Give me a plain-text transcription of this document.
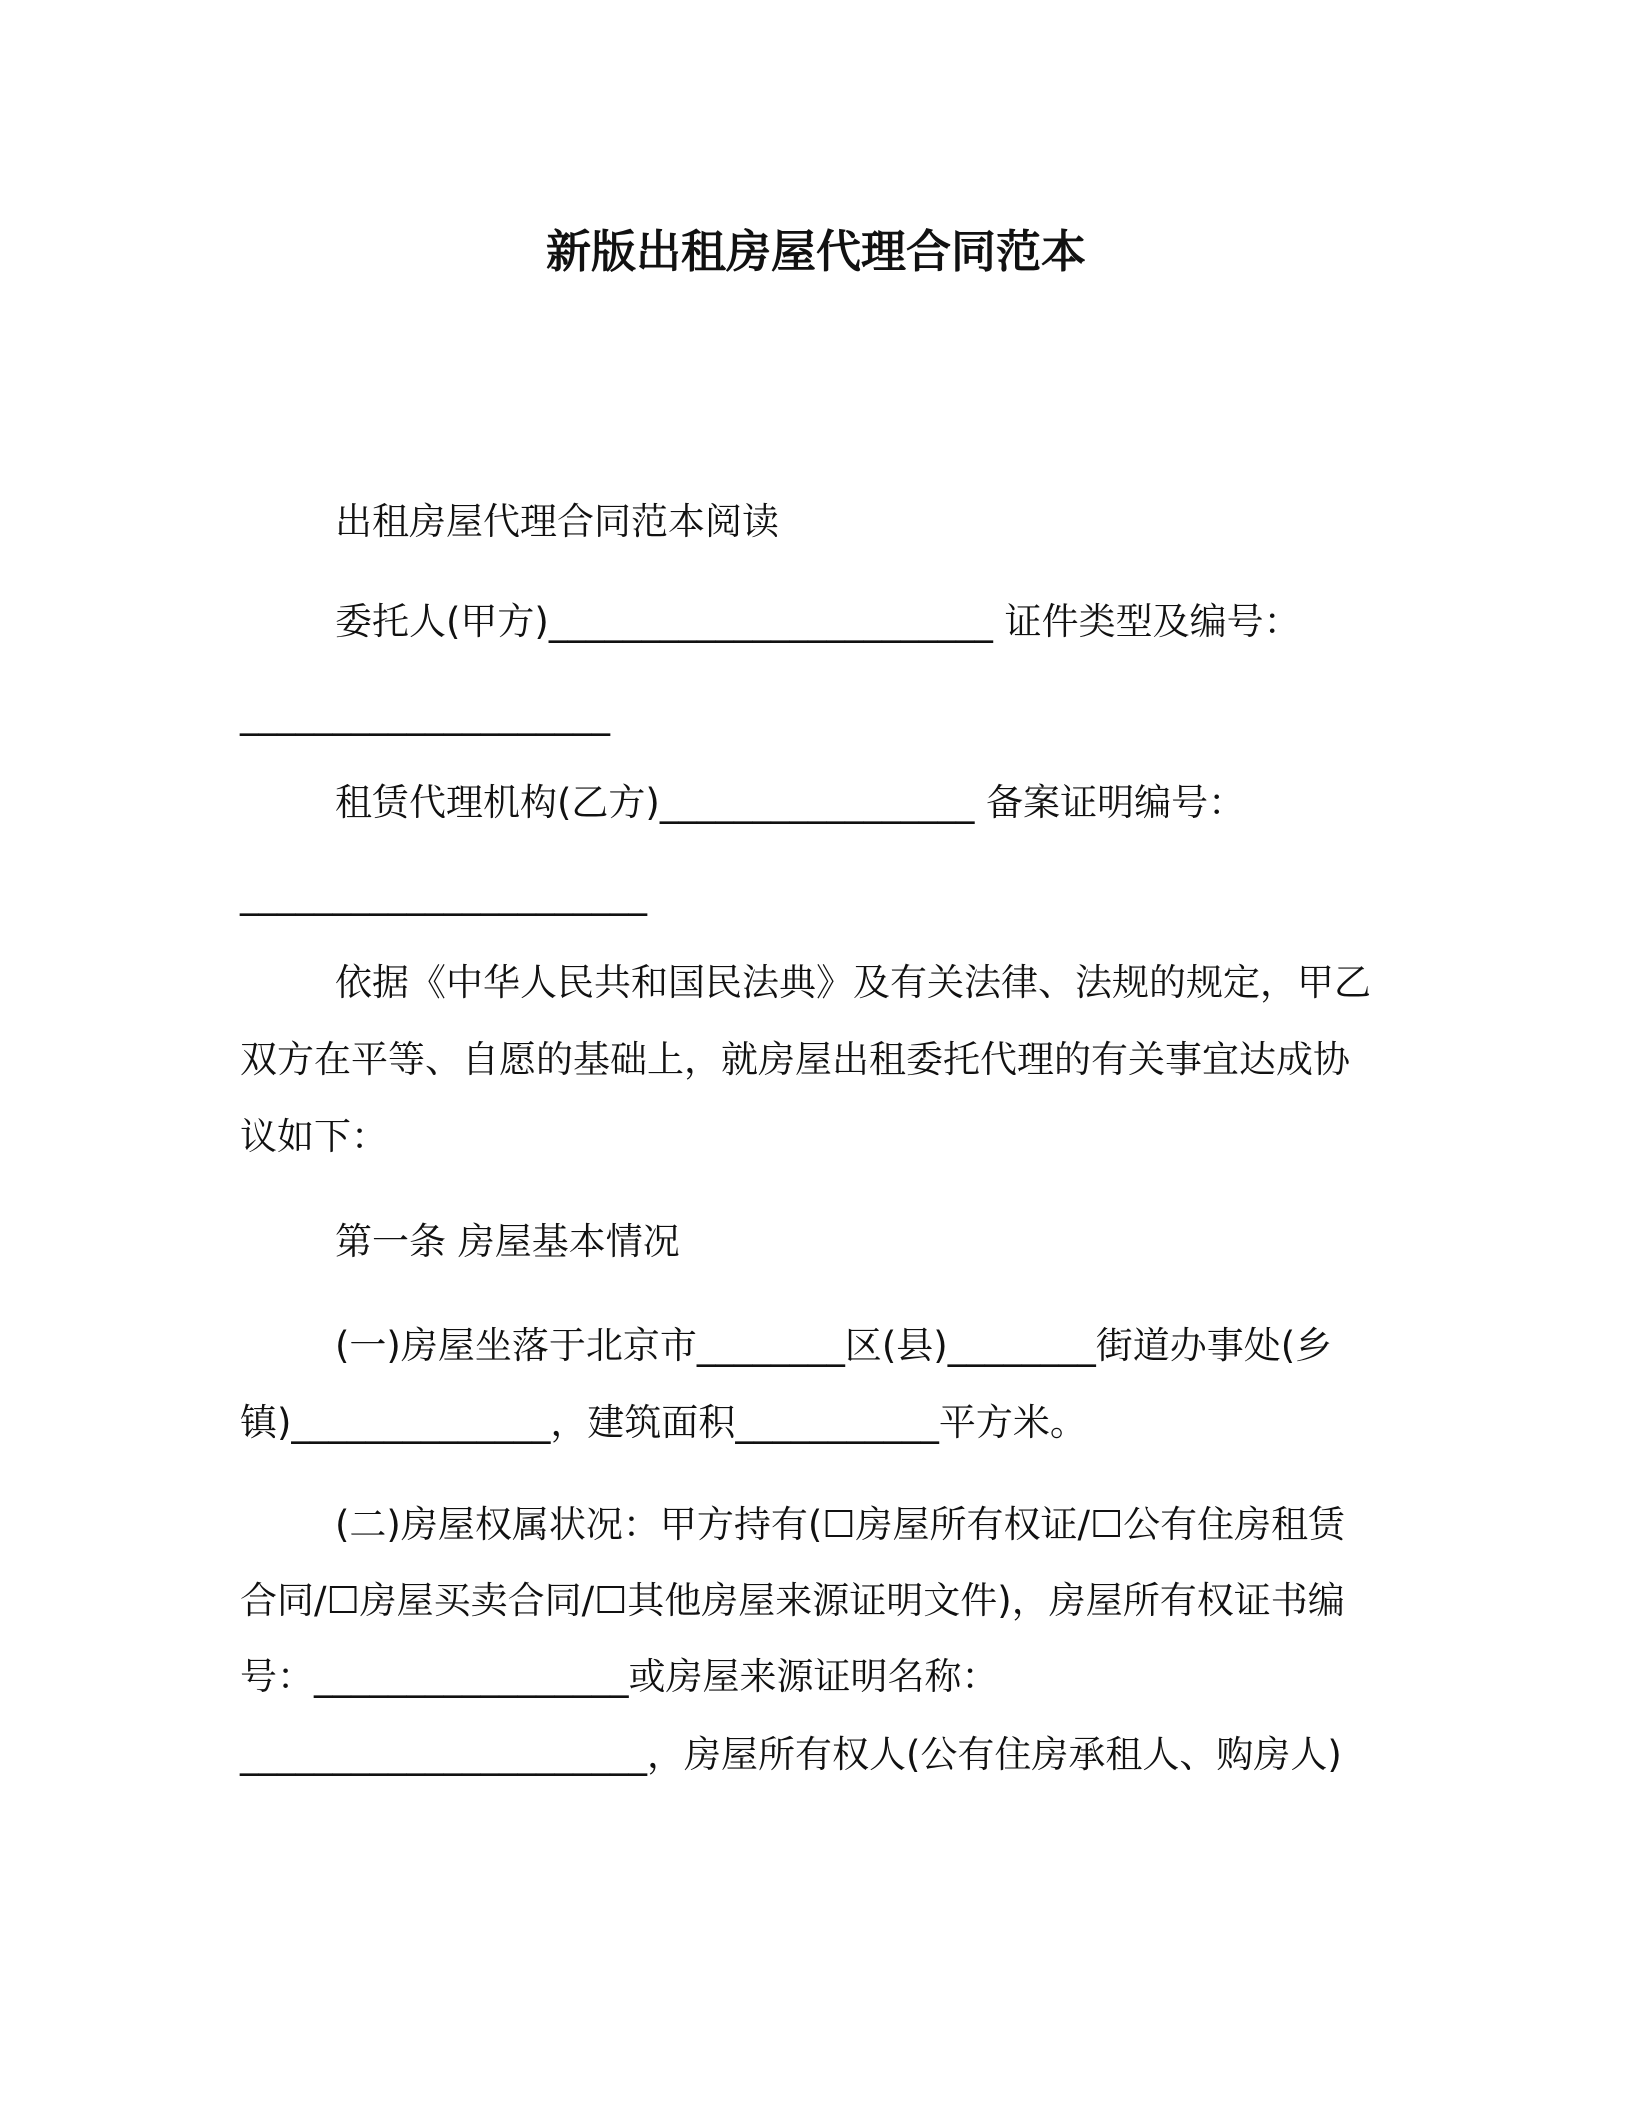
新版出租房屋代理合同范本
出租房屋代理合同范本阅读
委托人(甲方)________________________ 证件类型及编号：
____________________
租赁代理机构(乙方)_________________ 备案证明编号：
______________________
依据《中华人民共和国民法典》及有关法律、法规的规定，甲乙
双方在平等、自愿的基础上，就房屋出租委托代理的有关事宜达成协
议如下：
第一条 房屋基本情况
(一)房屋坐落于北京市________区(县)________街道办事处(乡
镇)______________，建筑面积___________平方米。
(二)房屋权属状况：甲方持有(☐房屋所有权证/☐公有住房租赁
合同/☐房屋买卖合同/☐其他房屋来源证明文件)，房屋所有权证书编
号：_________________或房屋来源证明名称：
______________________，房屋所有权人(公有住房承租人、购房人)
